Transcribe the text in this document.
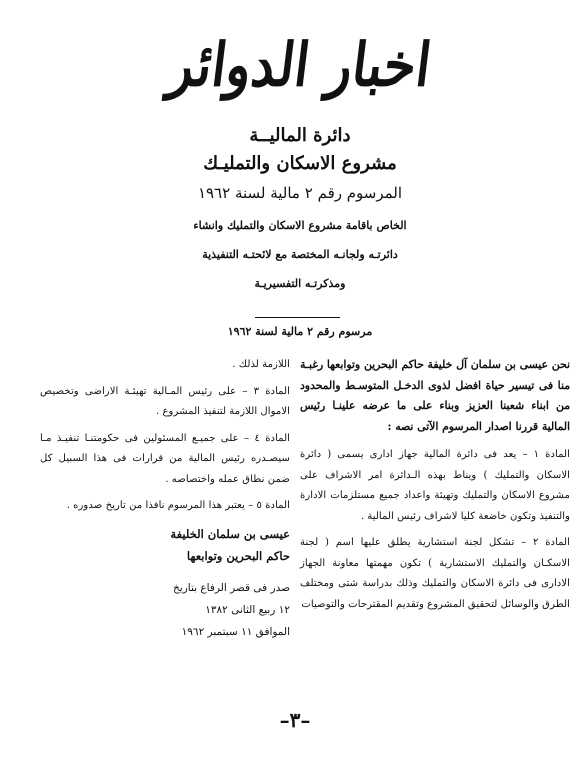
اخبار الدوائر
دائرة الماليــة
مشروع الاسكان والتمليـك
المرسوم رقم ٢ مالية لسنة ١٩٦٢
الخاص باقامة مشروع الاسكان والتمليك وانشاء
دائرتـه ولجانـه المختصة مع لائحتـه التنفيذية
ومذكرتـه التفسيريـة
مرسوم رقم ٢ مالية لسنة ١٩٦٢

نحن عيسى بن سلمان آل خليفة حاكم البحرين وتوابعها رغبـة منا فى تيسير حياة افضل لذوى الدخـل المتوسـط والمحدود من ابناء شعبنا العزيز وبناء على ما عرضه علينـا رئيس المالية قررنا اصدار المرسوم الآتى نصه :

المادة ١ – يعد فى دائرة المالية جهاز ادارى يسمى ( دائرة الاسكان والتمليك ) ويناط بهذه الـدائرة امر الاشراف على مشروع الاسكان والتمليك وتهيئة واعداد جميع مستلزمات الادارة والتنفيذ وتكون خاضعة كليا لاشراف رئيس المالية .

المادة ٢ – تشكل لجنة استشارية يطلق عليها اسم ( لجنة الاسكـان والتمليك الاستشارية ) تكون مهمتها معاونة الجهاز الادارى فى دائرة الاسكان والتمليك وذلك بدراسة شتى ومختلف الطرق والوسائل لتحقيق المشروع وتقديم المقترحات والتوصيات

اللازمة لذلك .

المادة ٣ – على رئيس المـالية تهيئـة الاراضى وتخصيص الاموال اللازمة لتنفيذ المشروع .

المادة ٤ – على جميـع المسئولين فى حكومتنـا تنفيـذ مـا سيصـدره رئيس المالية من قرارات فى هذا السبيل كل ضمن نطاق عمله واختصاصه .

المادة ٥ – يعتبر هذا المرسوم نافذا من تاريخ صدوره .

عيسى بن سلمان الخليفة

حاكم البحرين وتوابعها

صدر فى قصر الرفاع بتاريخ

١٢ ربيع الثانى ١٣٨٢

الموافق ١١ سبتمبر ١٩٦٢

–٣–
